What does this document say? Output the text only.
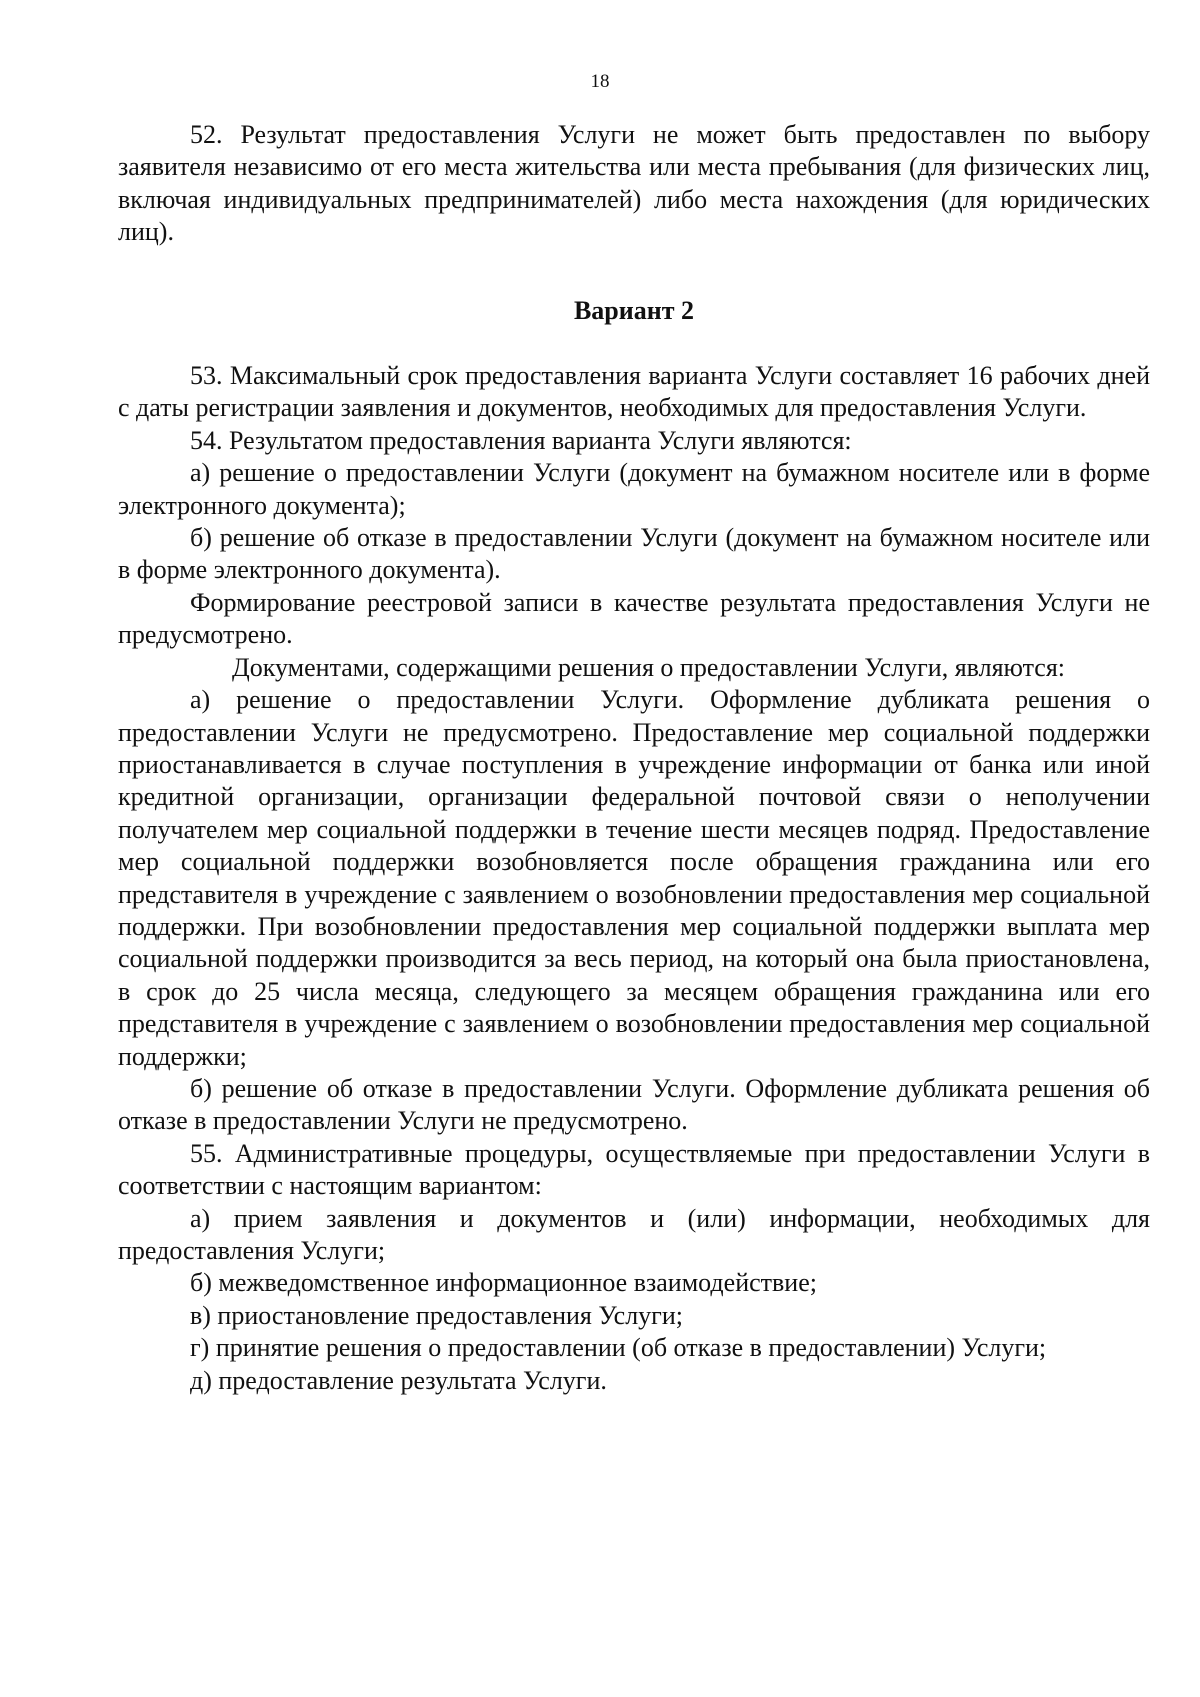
18

52. Результат предоставления Услуги не может быть предоставлен по выбору заявителя независимо от его места жительства или места пребывания (для физических лиц, включая индивидуальных предпринимателей) либо места нахождения (для юридических лиц).

Вариант 2

53. Максимальный срок предоставления варианта Услуги составляет 16 рабочих дней с даты регистрации заявления и документов, необходимых для предоставления Услуги.

54. Результатом предоставления варианта Услуги являются:

а) решение о предоставлении Услуги (документ на бумажном носителе или в форме электронного документа);

б) решение об отказе в предоставлении Услуги (документ на бумажном носителе или в форме электронного документа).

Формирование реестровой записи в качестве результата предоставления Услуги не предусмотрено.

Документами, содержащими решения о предоставлении Услуги, являются:

а) решение о предоставлении Услуги. Оформление дубликата решения о предоставлении Услуги не предусмотрено. Предоставление мер социальной поддержки приостанавливается в случае поступления в учреждение информации от банка или иной кредитной организации, организации федеральной почтовой связи о неполучении получателем мер социальной поддержки в течение шести месяцев подряд. Предоставление мер социальной поддержки возобновляется после обращения гражданина или его представителя в учреждение с заявлением о возобновлении предоставления мер социальной поддержки. При возобновлении предоставления мер социальной поддержки выплата мер социальной поддержки производится за весь период, на который она была приостановлена, в срок до 25 числа месяца, следующего за месяцем обращения гражданина или его представителя в учреждение с заявлением о возобновлении предоставления мер социальной поддержки;

б) решение об отказе в предоставлении Услуги. Оформление дубликата решения об отказе в предоставлении Услуги не предусмотрено.

55. Административные процедуры, осуществляемые при предоставлении Услуги в соответствии с настоящим вариантом:

а) прием заявления и документов и (или) информации, необходимых для предоставления Услуги;

б) межведомственное информационное взаимодействие;

в) приостановление предоставления Услуги;

г) принятие решения о предоставлении (об отказе в предоставлении) Услуги;

д) предоставление результата Услуги.
